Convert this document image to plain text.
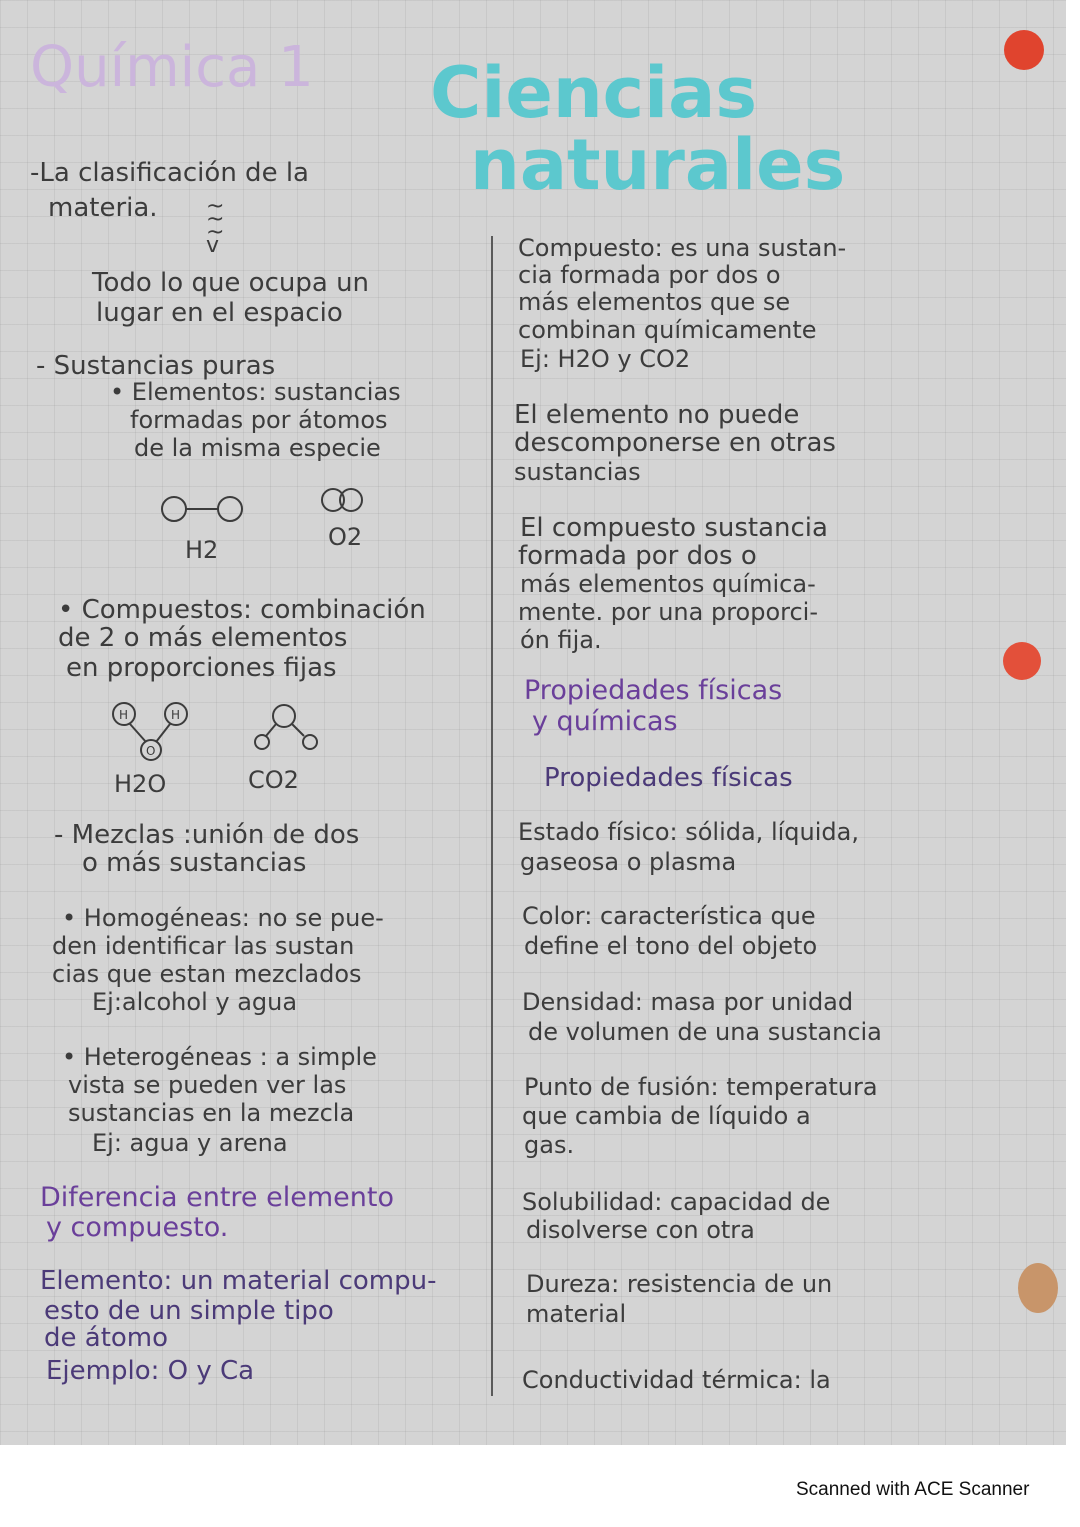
Química 1 Ciencias
naturales
-La clasificación de la
materia. ~
~
~
v
Todo lo que ocupa un
lugar en el espacio
- Sustancias puras
• Elementos: sustancias
formadas por átomos
de la misma especie
H2	O2
• Compuestos: combinación
de 2 o más elementos
en proporciones fijas
H	H
O
H2O	CO2
- Mezclas :unión de dos
o más sustancias
• Homogéneas: no se pue-
den identificar las sustan
cias que estan mezclados
Ej:alcohol y agua
• Heterogéneas : a simple
vista se pueden ver las
sustancias en la mezcla
Ej: agua y arena
Diferencia entre elemento
y compuesto.
Elemento: un material compu-
esto de un simple tipo
de átomo
Ejemplo: O y Ca
Compuesto: es una sustan-
cia formada por dos o
más elementos que se
combinan químicamente
Ej: H2O y CO2
El elemento no puede
descomponerse en otras
sustancias
El compuesto sustancia
formada por dos o
más elementos química-
mente. por una proporci-
ón fija.
Propiedades físicas
y químicas
Propiedades físicas
Estado físico: sólida, líquida,
gaseosa o plasma
Color: característica que
define el tono del objeto
Densidad: masa por unidad
de volumen de una sustancia
Punto de fusión: temperatura
que cambia de líquido a
gas.
Solubilidad: capacidad de
disolverse con otra
Dureza: resistencia de un
material
Conductividad térmica: la
Scanned with ACE Scanner
